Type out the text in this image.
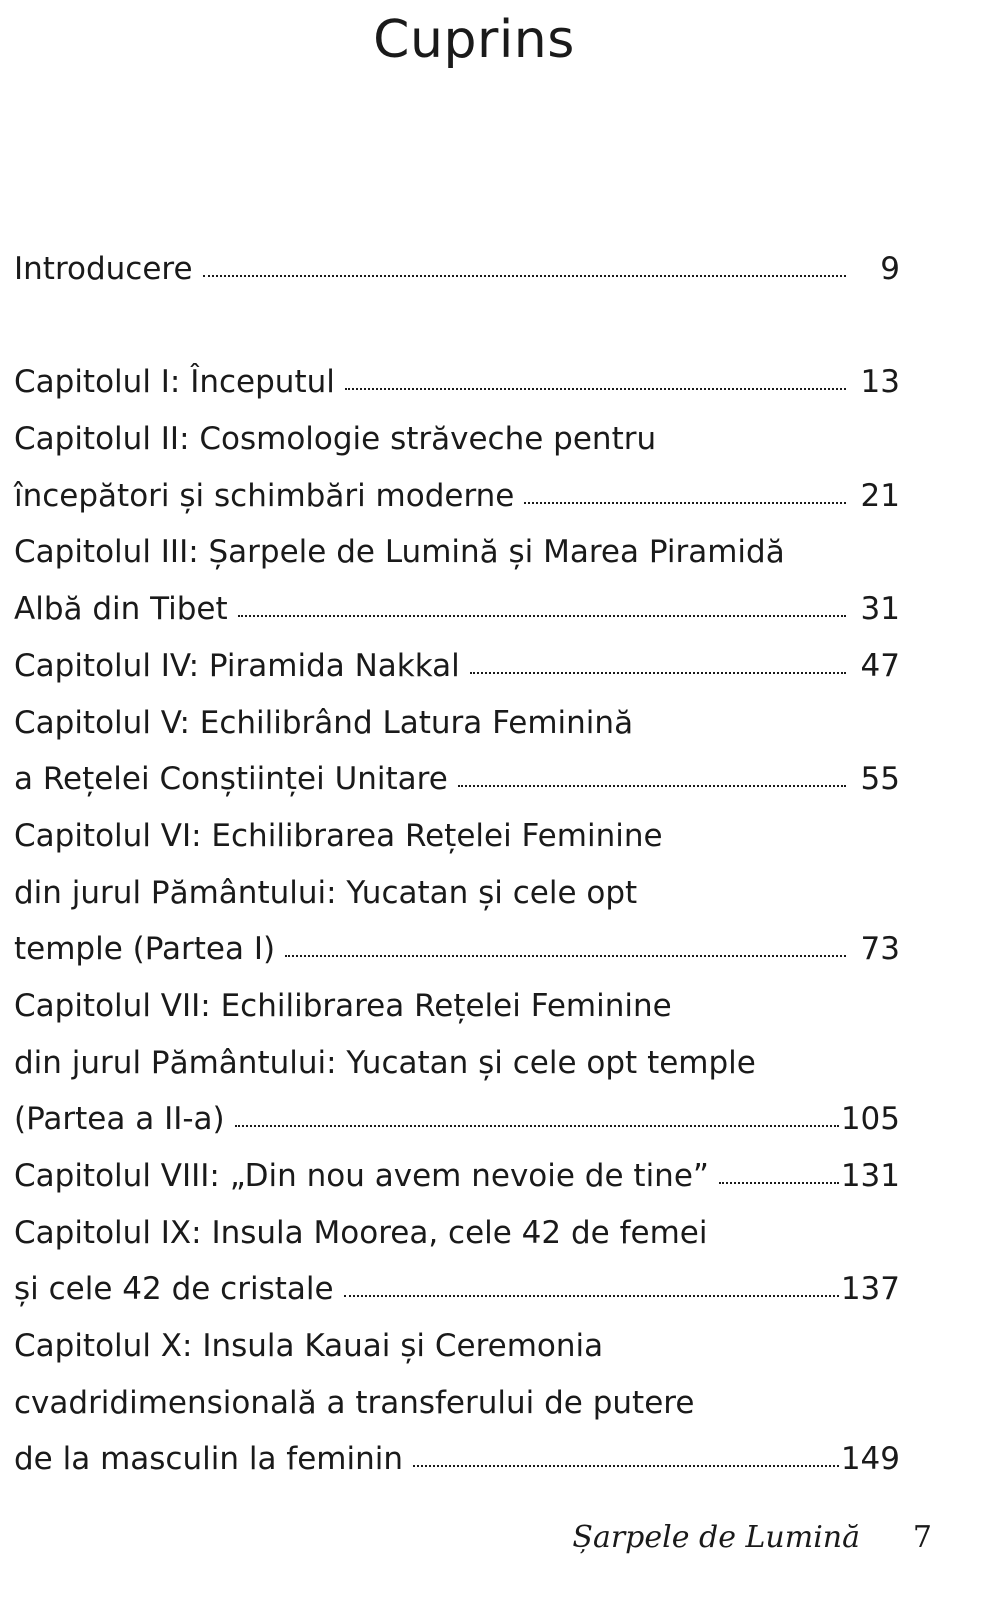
Cuprins
Introducere	9
Capitolul I: Începutul	13
Capitolul II: Cosmologie străveche pentru
începători și schimbări moderne	21
Capitolul III: Șarpele de Lumină și Marea Piramidă
Albă din Tibet	31
Capitolul IV: Piramida Nakkal	47
Capitolul V: Echilibrând Latura Feminină
a Rețelei Conștiinței Unitare	55
Capitolul VI: Echilibrarea Rețelei Feminine
din jurul Pământului: Yucatan și cele opt
temple (Partea I)	73
Capitolul VII: Echilibrarea Rețelei Feminine
din jurul Pământului: Yucatan și cele opt temple
(Partea a II-a)	105
Capitolul VIII: „Din nou avem nevoie de tine”	131
Capitolul IX: Insula Moorea, cele 42 de femei
și cele 42 de cristale	137
Capitolul X: Insula Kauai și Ceremonia
cvadridimensională a transferului de putere
de la masculin la feminin	149
Șarpele de Lumină 7
